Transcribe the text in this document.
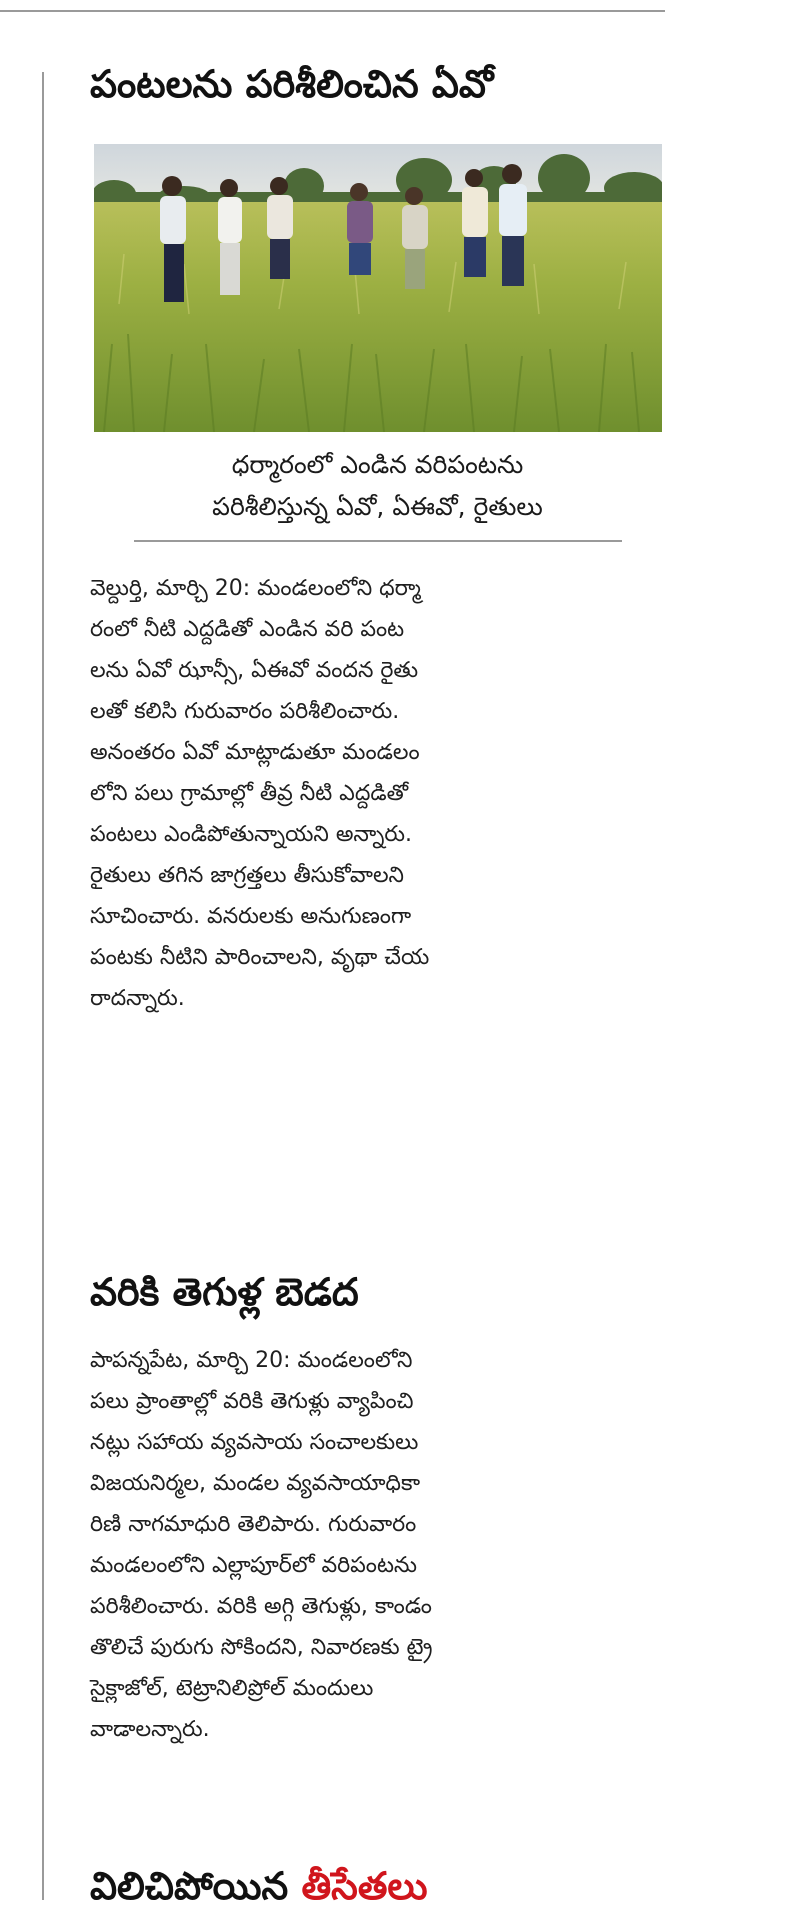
పంటలను పరిశీలించిన ఏవో
ధర్మారంలో ఎండిన వరిపంటను
పరిశీలిస్తున్న ఏవో, ఏఈవో, రైతులు
వెల్దుర్తి, మార్చి 20: మండలంలోని ధర్మా
రంలో నీటి ఎద్దడితో ఎండిన వరి పంట
లను ఏవో ఝాన్సీ, ఏఈవో వందన రైతు
లతో కలిసి గురువారం పరిశీలించారు.
అనంతరం ఏవో మాట్లాడుతూ మండలం
లోని పలు గ్రామాల్లో తీవ్ర నీటి ఎద్దడితో
పంటలు ఎండిపోతున్నాయని అన్నారు.
రైతులు తగిన జాగ్రత్తలు తీసుకోవాలని
సూచించారు. వనరులకు అనుగుణంగా
పంటకు నీటిని పారించాలని, వృథా చేయ
రాదన్నారు.
వరికి తెగుళ్ల బెడద
పాపన్నపేట, మార్చి 20: మండలంలోని
పలు ప్రాంతాల్లో వరికి తెగుళ్లు వ్యాపించి
నట్లు సహాయ వ్యవసాయ సంచాలకులు
విజయనిర్మల, మండల వ్యవసాయాధికా
రిణి నాగమాధురి తెలిపారు. గురువారం
మండలంలోని ఎల్లాపూర్‌లో వరిపంటను
పరిశీలించారు. వరికి అగ్గి తెగుళ్లు, కాండం
తొలిచే పురుగు సోకిందని, నివారణకు ట్రై
సైక్లాజోల్, టెట్రానిలిప్రోల్ మందులు
వాడాలన్నారు.
విలిచిపోయిన తీసేతలు
